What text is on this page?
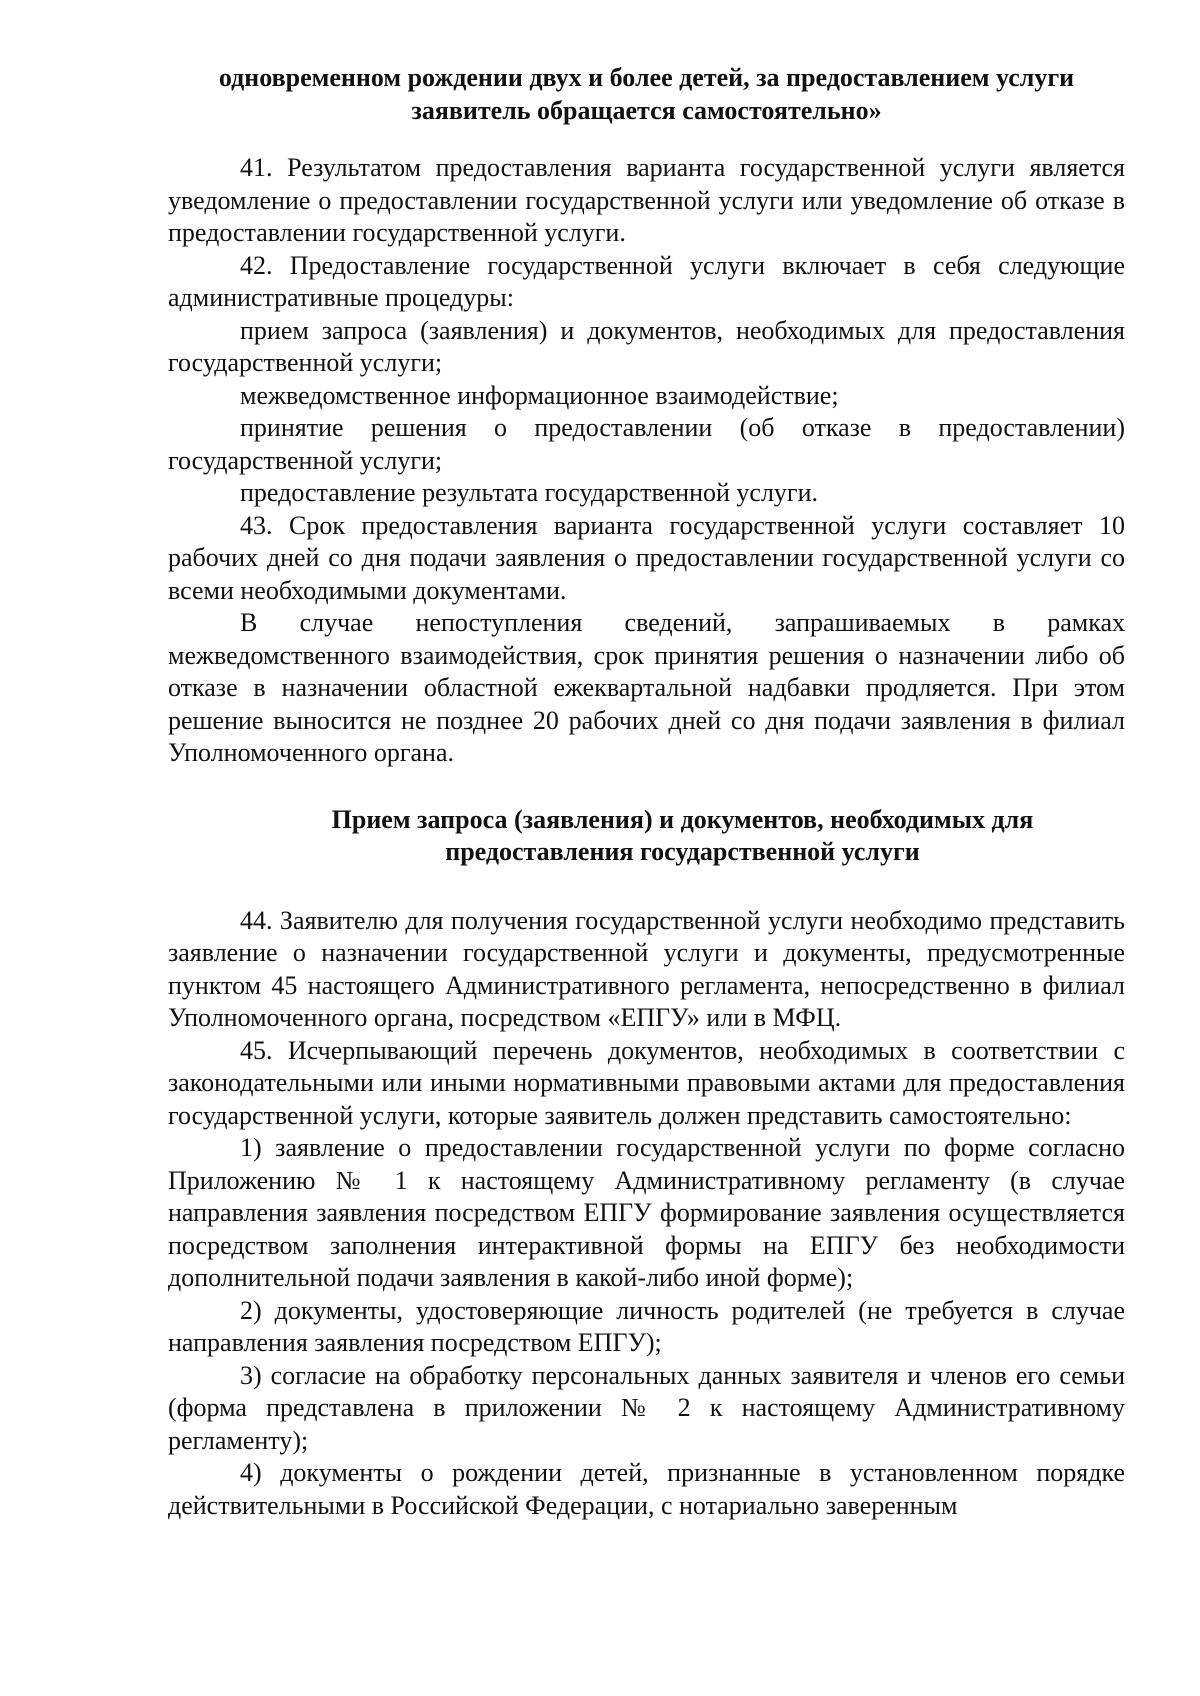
одновременном рождении двух и более детей, за предоставлением услуги заявитель обращается самостоятельно»

41. Результатом предоставления варианта государственной услуги является уведомление о предоставлении государственной услуги или уведомление об отказе в предоставлении государственной услуги.

42. Предоставление государственной услуги включает в себя следующие административные процедуры:

прием запроса (заявления) и документов, необходимых для предоставления государственной услуги;

межведомственное информационное взаимодействие;

принятие решения о предоставлении (об отказе в предоставлении) государственной услуги;

предоставление результата государственной услуги.

43. Срок предоставления варианта государственной услуги составляет 10 рабочих дней со дня подачи заявления о предоставлении государственной услуги со всеми необходимыми документами.

В случае непоступления сведений, запрашиваемых в рамках межведомственного взаимодействия, срок принятия решения о назначении либо об отказе в назначении областной ежеквартальной надбавки продляется. При этом решение выносится не позднее 20 рабочих дней со дня подачи заявления в филиал Уполномоченного органа.

Прием запроса (заявления) и документов, необходимых для предоставления государственной услуги

44. Заявителю для получения государственной услуги необходимо представить заявление о назначении государственной услуги и документы, предусмотренные пунктом 45 настоящего Административного регламента, непосредственно в филиал Уполномоченного органа, посредством «ЕПГУ» или в МФЦ.

45. Исчерпывающий перечень документов, необходимых в соответствии с законодательными или иными нормативными правовыми актами для предоставления государственной услуги, которые заявитель должен представить самостоятельно:

1) заявление о предоставлении государственной услуги по форме согласно Приложению № 1 к настоящему Административному регламенту (в случае направления заявления посредством ЕПГУ формирование заявления осуществляется посредством заполнения интерактивной формы на ЕПГУ без необходимости дополнительной подачи заявления в какой-либо иной форме);

2) документы, удостоверяющие личность родителей (не требуется в случае направления заявления посредством ЕПГУ);

3) согласие на обработку персональных данных заявителя и членов его семьи (форма представлена в приложении № 2 к настоящему Административному регламенту);

4) документы о рождении детей, признанные в установленном порядке действительными в Российской Федерации, с нотариально заверенным
